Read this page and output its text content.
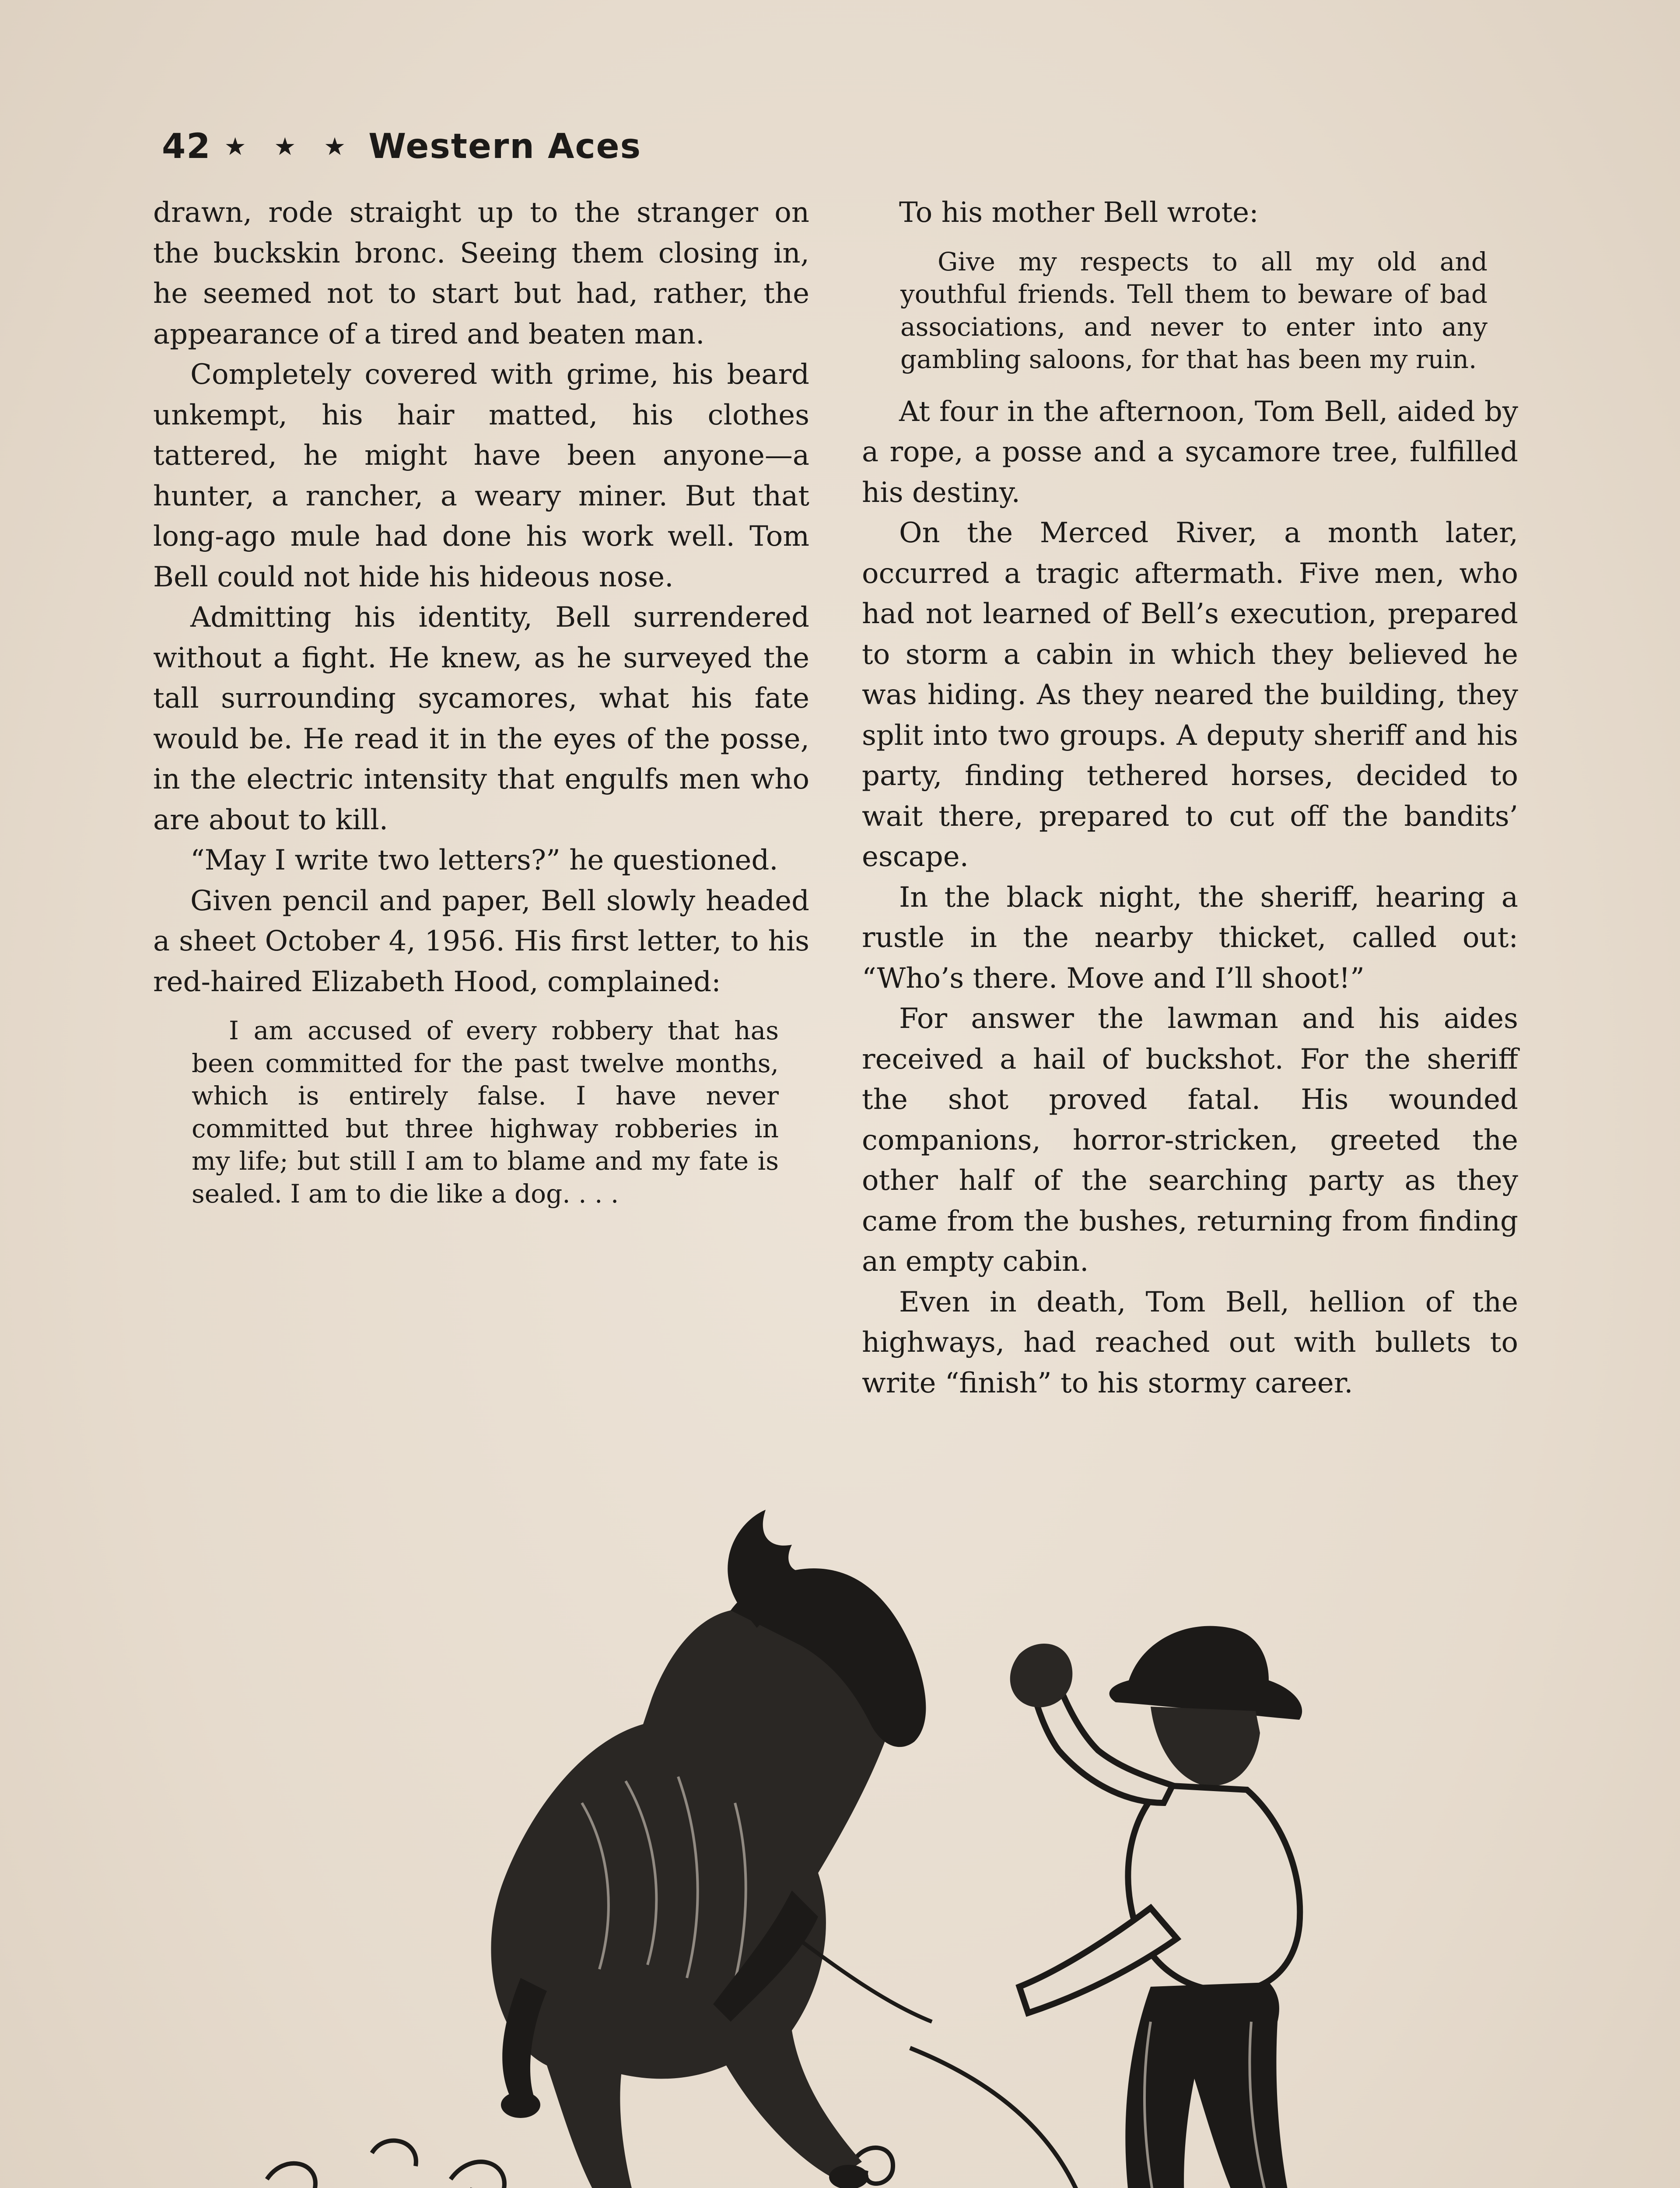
42 ★ ★ ★ Western Aces

drawn, rode straight up to the stranger on the buckskin bronc. Seeing them closing in, he seemed not to start but had, rather, the appearance of a tired and beaten man.

Completely covered with grime, his beard unkempt, his hair matted, his clothes tattered, he might have been anyone—a hunter, a rancher, a weary miner. But that long-ago mule had done his work well. Tom Bell could not hide his hideous nose.

Admitting his identity, Bell surrendered without a fight. He knew, as he surveyed the tall surrounding sycamores, what his fate would be. He read it in the eyes of the posse, in the electric intensity that engulfs men who are about to kill.

“May I write two letters?” he questioned.

Given pencil and paper, Bell slowly headed a sheet October 4, 1956. His first letter, to his red-haired Elizabeth Hood, complained:

I am accused of every robbery that has been committed for the past twelve months, which is entirely false. I have never committed but three highway robberies in my life; but still I am to blame and my fate is sealed. I am to die like a dog. . . .

To his mother Bell wrote:

Give my respects to all my old and youthful friends. Tell them to beware of bad associations, and never to enter into any gambling saloons, for that has been my ruin.

At four in the afternoon, Tom Bell, aided by a rope, a posse and a sycamore tree, fulfilled his destiny.

On the Merced River, a month later, occurred a tragic aftermath. Five men, who had not learned of Bell’s execution, prepared to storm a cabin in which they believed he was hiding. As they neared the building, they split into two groups. A deputy sheriff and his party, finding tethered horses, decided to wait there, prepared to cut off the bandits’ escape.

In the black night, the sheriff, hearing a rustle in the nearby thicket, called out: “Who’s there. Move and I’ll shoot!”

For answer the lawman and his aides received a hail of buckshot. For the sheriff the shot proved fatal. His wounded companions, horror-stricken, greeted the other half of the searching party as they came from the bushes, returning from finding an empty cabin.

Even in death, Tom Bell, hellion of the highways, had reached out with bullets to write “finish” to his stormy career.
